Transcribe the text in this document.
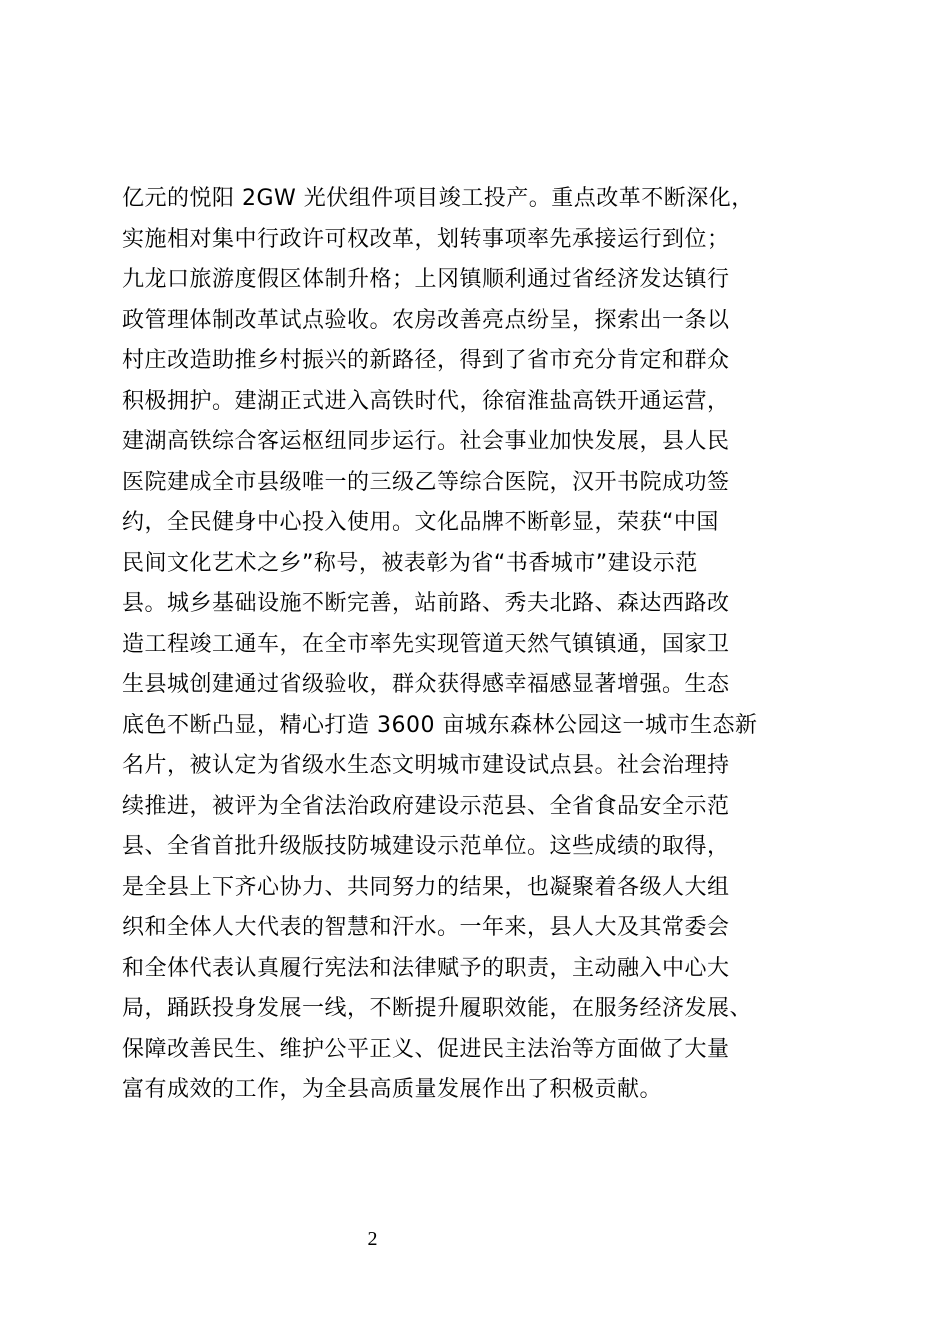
亿元的悦阳 2GW 光伏组件项目竣工投产。重点改革不断深化，
实施相对集中行政许可权改革，划转事项率先承接运行到位；
九龙口旅游度假区体制升格；上冈镇顺利通过省经济发达镇行
政管理体制改革试点验收。农房改善亮点纷呈，探索出一条以
村庄改造助推乡村振兴的新路径，得到了省市充分肯定和群众
积极拥护。建湖正式进入高铁时代，徐宿淮盐高铁开通运营，
建湖高铁综合客运枢纽同步运行。社会事业加快发展，县人民
医院建成全市县级唯一的三级乙等综合医院，汉开书院成功签
约，全民健身中心投入使用。文化品牌不断彰显，荣获“中国
民间文化艺术之乡”称号，被表彰为省“书香城市”建设示范
县。城乡基础设施不断完善，站前路、秀夫北路、森达西路改
造工程竣工通车，在全市率先实现管道天然气镇镇通，国家卫
生县城创建通过省级验收，群众获得感幸福感显著增强。生态
底色不断凸显，精心打造 3600 亩城东森林公园这一城市生态新
名片，被认定为省级水生态文明城市建设试点县。社会治理持
续推进，被评为全省法治政府建设示范县、全省食品安全示范
县、全省首批升级版技防城建设示范单位。这些成绩的取得，
是全县上下齐心协力、共同努力的结果，也凝聚着各级人大组
织和全体人大代表的智慧和汗水。一年来，县人大及其常委会
和全体代表认真履行宪法和法律赋予的职责，主动融入中心大
局，踊跃投身发展一线，不断提升履职效能，在服务经济发展、
保障改善民生、维护公平正义、促进民主法治等方面做了大量
富有成效的工作，为全县高质量发展作出了积极贡献。
2
